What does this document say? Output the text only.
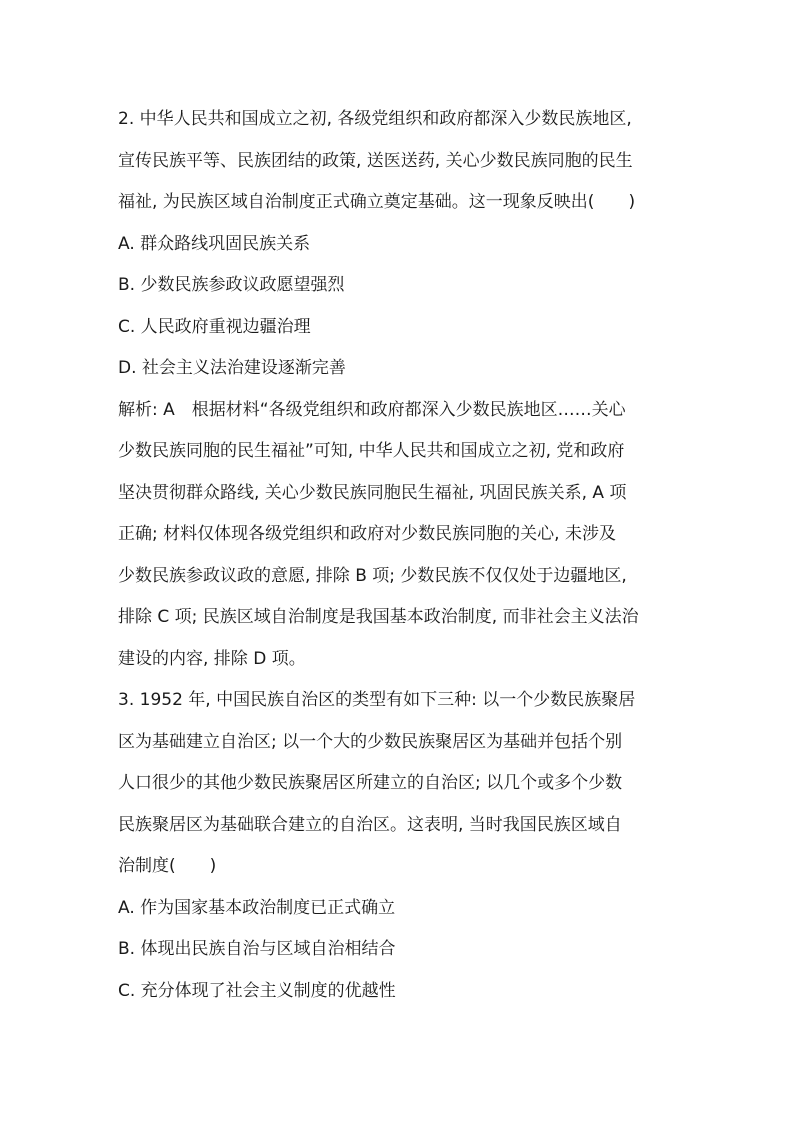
2. 中华人民共和国成立之初, 各级党组织和政府都深入少数民族地区,
宣传民族平等、民族团结的政策, 送医送药, 关心少数民族同胞的民生
福祉, 为民族区域自治制度正式确立奠定基础。这一现象反映出(　　)
A. 群众路线巩固民族关系
B. 少数民族参政议政愿望强烈
C. 人民政府重视边疆治理
D. 社会主义法治建设逐渐完善
解析: A　根据材料“各级党组织和政府都深入少数民族地区……关心
少数民族同胞的民生福祉”可知, 中华人民共和国成立之初, 党和政府
坚决贯彻群众路线, 关心少数民族同胞民生福祉, 巩固民族关系, A 项
正确; 材料仅体现各级党组织和政府对少数民族同胞的关心, 未涉及
少数民族参政议政的意愿, 排除 B 项; 少数民族不仅仅处于边疆地区,
排除 C 项; 民族区域自治制度是我国基本政治制度, 而非社会主义法治
建设的内容, 排除 D 项。
3. 1952 年, 中国民族自治区的类型有如下三种: 以一个少数民族聚居
区为基础建立自治区; 以一个大的少数民族聚居区为基础并包括个别
人口很少的其他少数民族聚居区所建立的自治区; 以几个或多个少数
民族聚居区为基础联合建立的自治区。这表明, 当时我国民族区域自
治制度(　　)
A. 作为国家基本政治制度已正式确立
B. 体现出民族自治与区域自治相结合
C. 充分体现了社会主义制度的优越性
